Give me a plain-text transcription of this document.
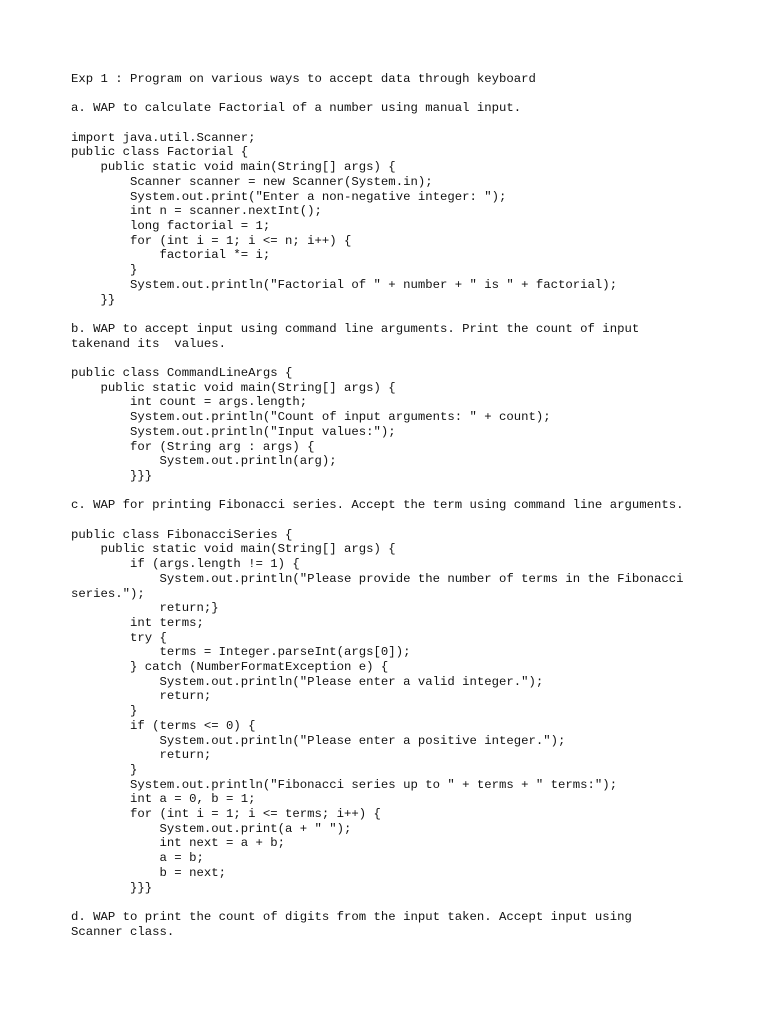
Exp 1 : Program on various ways to accept data through keyboard
a. WAP to calculate Factorial of a number using manual input.
import java.util.Scanner;
public class Factorial {
public static void main(String[] args) {
Scanner scanner = new Scanner(System.in);
System.out.print("Enter a non-negative integer: ");
int n = scanner.nextInt();
long factorial = 1;
for (int i = 1; i <= n; i++) {
factorial *= i;
}
System.out.println("Factorial of " + number + " is " + factorial);
}}
b. WAP to accept input using command line arguments. Print the count of input
takenand its  values.
public class CommandLineArgs {
public static void main(String[] args) {
int count = args.length;
System.out.println("Count of input arguments: " + count);
System.out.println("Input values:");
for (String arg : args) {
System.out.println(arg);
}}}
c. WAP for printing Fibonacci series. Accept the term using command line arguments.
public class FibonacciSeries {
public static void main(String[] args) {
if (args.length != 1) {
System.out.println("Please provide the number of terms in the Fibonacci
series.");
return;}
int terms;
try {
terms = Integer.parseInt(args[0]);
} catch (NumberFormatException e) {
System.out.println("Please enter a valid integer.");
return;
}
if (terms <= 0) {
System.out.println("Please enter a positive integer.");
return;
}
System.out.println("Fibonacci series up to " + terms + " terms:");
int a = 0, b = 1;
for (int i = 1; i <= terms; i++) {
System.out.print(a + " ");
int next = a + b;
a = b;
b = next;
}}}
d. WAP to print the count of digits from the input taken. Accept input using
Scanner class.
